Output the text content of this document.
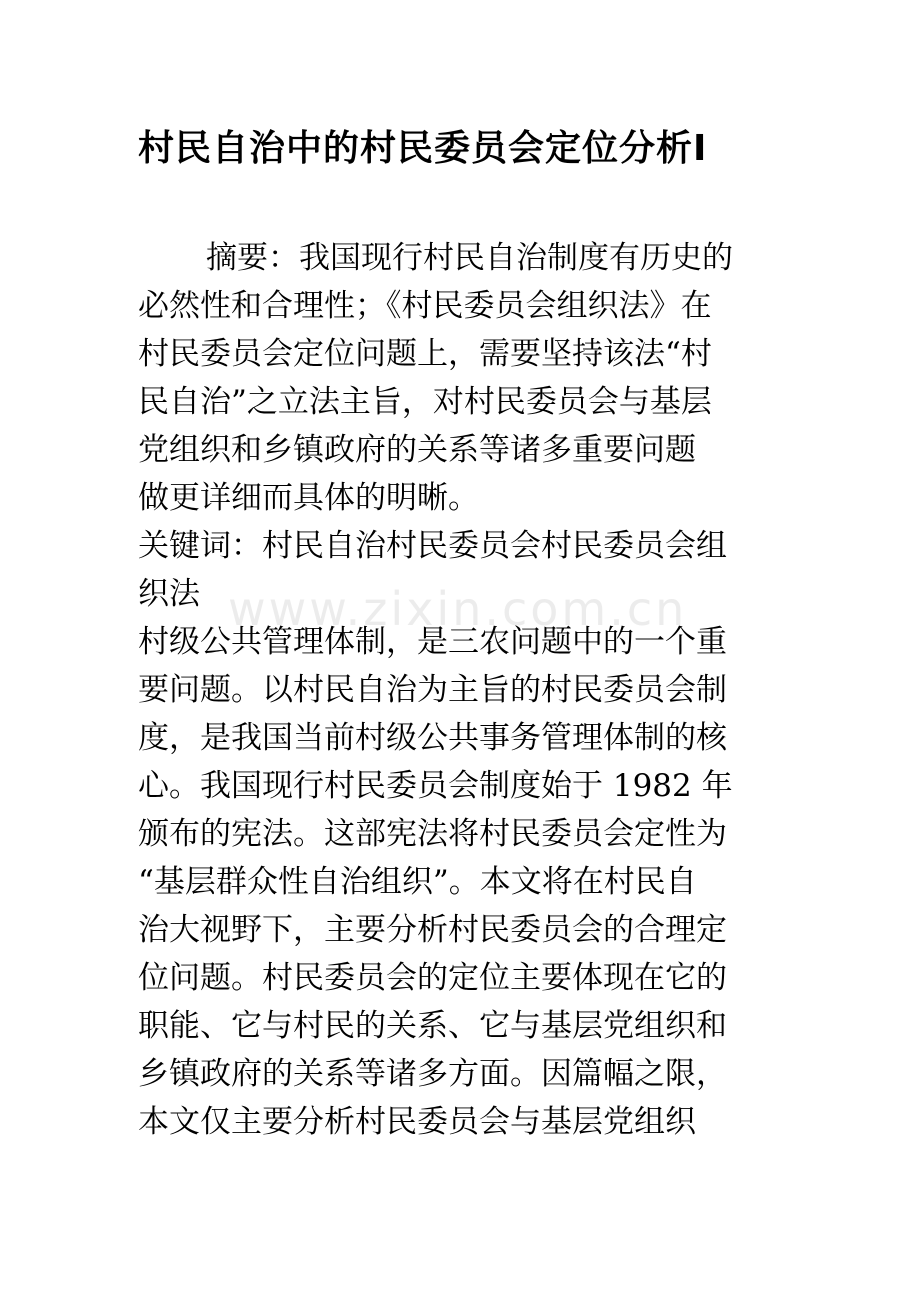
www.zixin.com.cn
村民自治中的村民委员会定位分析Ⅰ
摘要：我国现行村民自治制度有历史的
必然性和合理性；《村民委员会组织法》在
村民委员会定位问题上，需要坚持该法“村
民自治”之立法主旨，对村民委员会与基层
党组织和乡镇政府的关系等诸多重要问题
做更详细而具体的明晰。
关键词：村民自治村民委员会村民委员会组
织法
村级公共管理体制，是三农问题中的一个重
要问题。以村民自治为主旨的村民委员会制
度，是我国当前村级公共事务管理体制的核
心。我国现行村民委员会制度始于 1982 年
颁布的宪法。这部宪法将村民委员会定性为
“基层群众性自治组织”。本文将在村民自
治大视野下，主要分析村民委员会的合理定
位问题。村民委员会的定位主要体现在它的
职能、它与村民的关系、它与基层党组织和
乡镇政府的关系等诸多方面。因篇幅之限，
本文仅主要分析村民委员会与基层党组织
